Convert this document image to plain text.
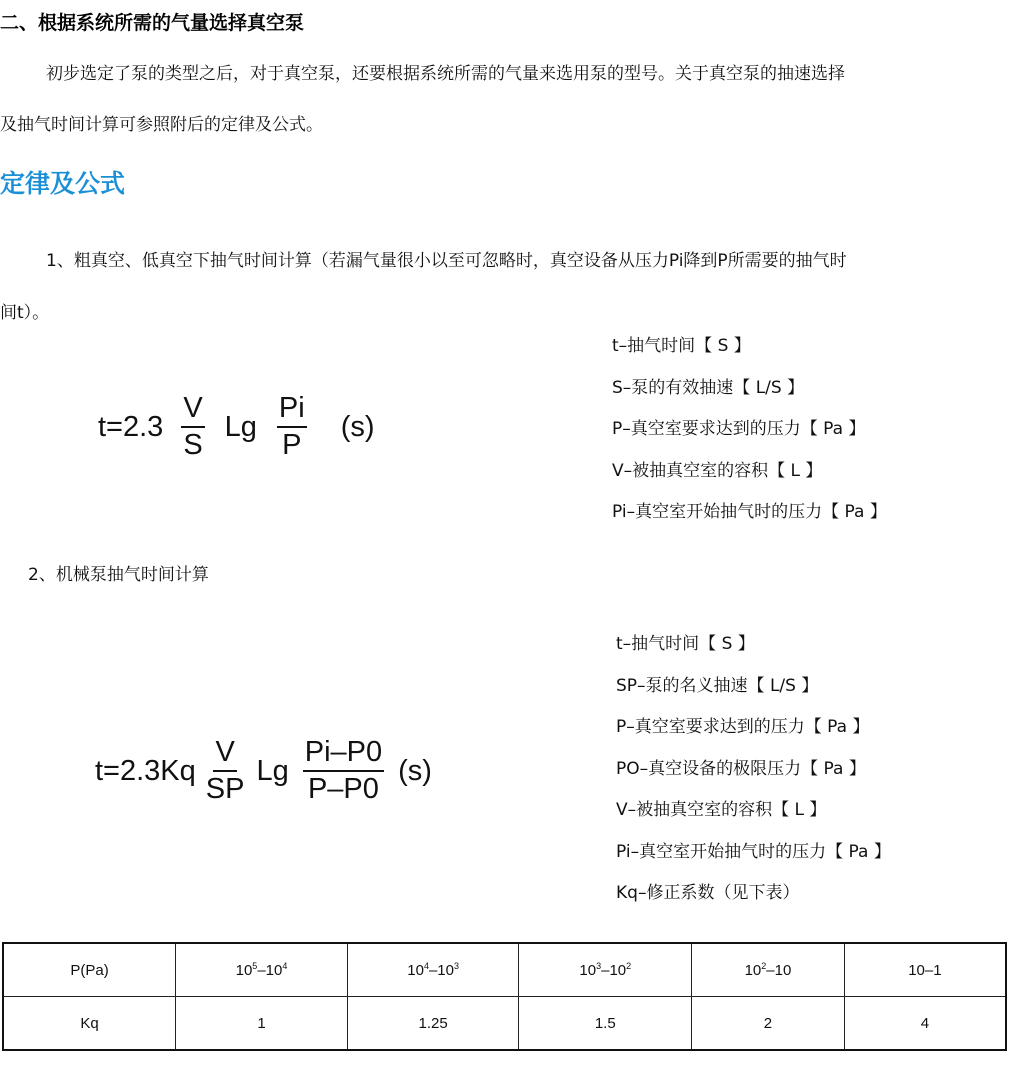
二、根据系统所需的气量选择真空泵
初步选定了泵的类型之后，对于真空泵，还要根据系统所需的气量来选用泵的型号。关于真空泵的抽速选择
及抽气时间计算可参照附后的定律及公式。
定律及公式
1、粗真空、低真空下抽气时间计算（若漏气量很小以至可忽略时，真空设备从压力Pi降到P所需要的抽气时
间t）。
$t=2.3 \frac{V}{S}$ Lg $\frac{Pi}{P} (s)$
t–抽气时间【 S 】
S–泵的有效抽速【 L/S 】
P–真空室要求达到的压力【 Pa 】
V–被抽真空室的容积【 L 】
Pi–真空室开始抽气时的压力【 Pa 】
2、机械泵抽气时间计算
$t=2.3Kq \frac{V}{SP}$ Lg $\frac{Pi-P0}{P-P0} (s)$
t–抽气时间【 S 】
SP–泵的名义抽速【 L/S 】
P–真空室要求达到的压力【 Pa 】
PO–真空设备的极限压力【 Pa 】
V–被抽真空室的容积【 L 】
Pi–真空室开始抽气时的压力【 Pa 】
Kq–修正系数（见下表）
P(Pa)	$10^5-10^4$	$10^4-10^3$	$10^3-10^2$	$10^2-10$	10–1
Kq	1	1.25	1.5	2	4
